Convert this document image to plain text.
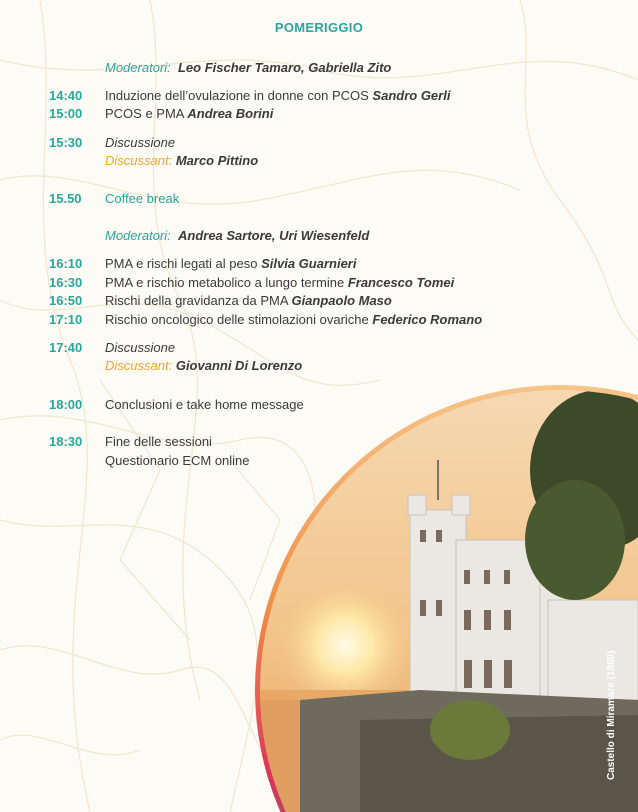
POMERIGGIO
Moderatori: Leo Fischer Tamaro, Gabriella Zito
14:40	Induzione dell’ovulazione in donne con PCOS Sandro Gerli
15:00	PCOS e PMA Andrea Borini
15:30	Discussione
Discussant: Marco Pittino
15.50	Coffee break
Moderatori: Andrea Sartore, Uri Wiesenfeld
16:10	PMA e rischi legati al peso Silvia Guarnieri
16:30	PMA e rischio metabolico a lungo termine Francesco Tomei
16:50	Rischi della gravidanza da PMA Gianpaolo Maso
17:10	Rischio oncologico delle stimolazioni ovariche Federico Romano
17:40	Discussione
Discussant: Giovanni Di Lorenzo
18:00	Conclusioni e take home message
18:30	Fine delle sessioni
Questionario ECM online
Castello di Miramare (1860)
